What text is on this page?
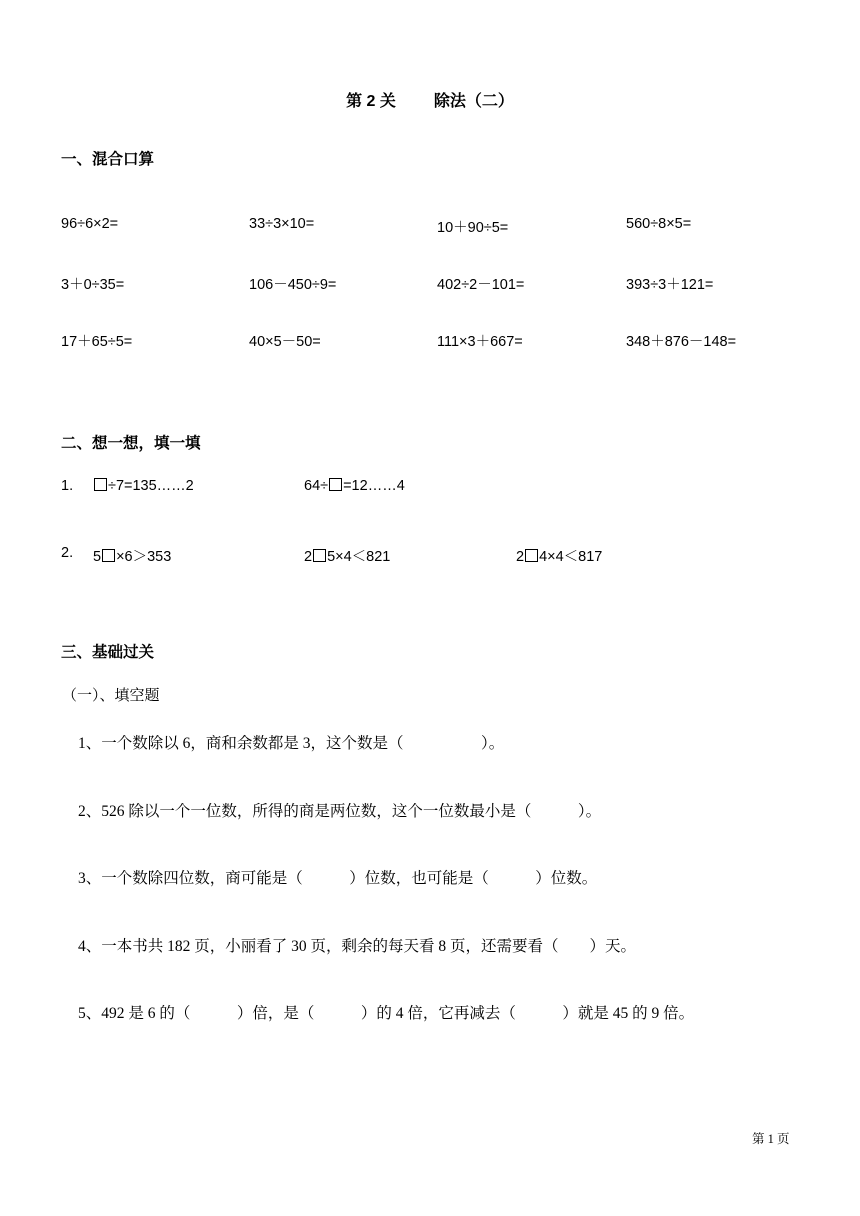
第 2 关 除法（二）
一、混合口算
96÷6×2=	33÷3×10=	10＋90÷5=	560÷8×5=
3＋0÷35=	106－450÷9=	402÷2－101=	393÷3＋121=
17＋65÷5=	40×5－50=	111×3＋667=	348＋876－148=
二、想一想，填一填
1.	÷7=135……2	64÷ =12……4
2. 5 ×6＞353	2 5×4＜821	2 4×4＜817
三、基础过关
（一）、填空题
1、一个数除以 6，商和余数都是 3，这个数是（　　　　　）。
2、526 除以一个一位数，所得的商是两位数，这个一位数最小是（　　　）。
3、一个数除四位数，商可能是（　　　）位数，也可能是（　　　）位数。
4、一本书共 182 页，小丽看了 30 页，剩余的每天看 8 页，还需要看（　　）天。
5、492 是 6 的（　　　）倍，是（　　　）的 4 倍，它再减去（　　　）就是 45 的 9 倍。
第 1 页
